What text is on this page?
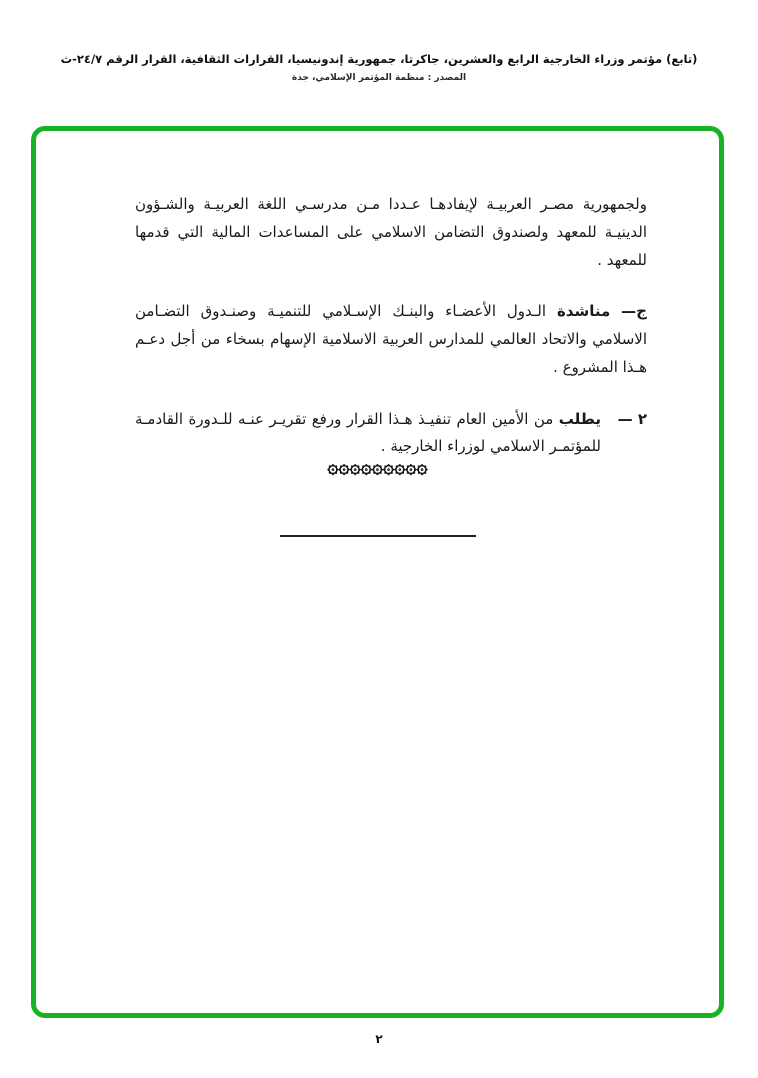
(تابع) مؤتمر وزراء الخارجية الرابع والعشرين، جاكرتا، جمهورية إندونيسيا، القرارات الثقافية، القرار الرقم ٢٤/٧-ث
المصدر : منظمة المؤتمر الإسلامي، جدة

ولجمهورية مصـر العربيـة لإيفادهـا عـددا مـن مدرسـي اللغة العربيـة والشـؤون الدينيـة للمعهد ولصندوق التضامن الاسلامي على المساعدات المالية التي قدمها للمعهد .

ج— مناشدة الـدول الأعضـاء والبنـك الإسـلامي للتنميـة وصنـدوق التضـامن الاسلامي والاتحاد العالمي للمدارس العربية الاسلامية الإسهام بسخاء من أجل دعـم هـذا المشروع .

٢ —
يطلب من الأمين العام تنفيـذ هـذا القرار ورفع تقريـر عنـه للـدورة القادمـة للمؤتمـر الاسلامي لوزراء الخارجية .
۞۞۞۞۞۞۞۞۞
٢
